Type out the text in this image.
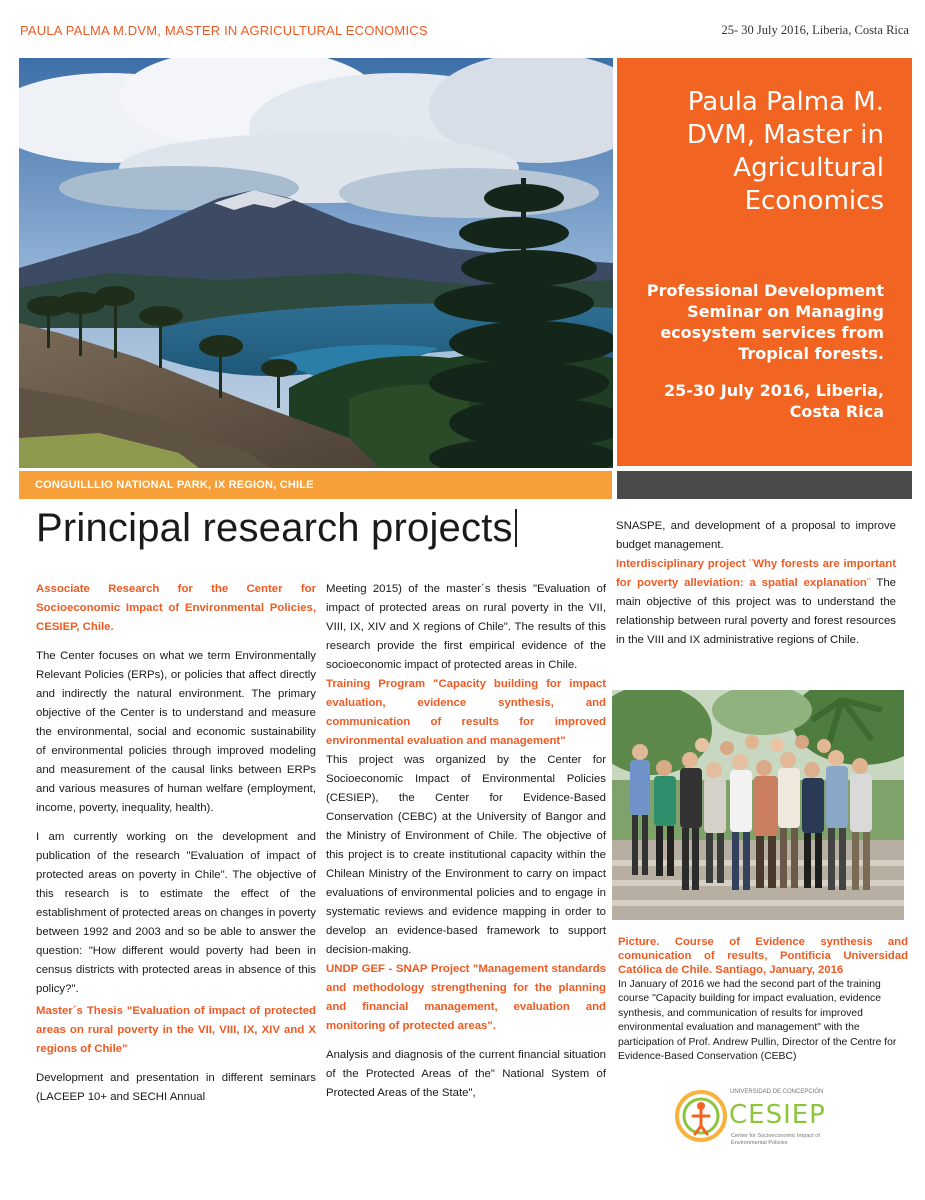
PAULA PALMA M.DVM, MASTER IN AGRICULTURAL ECONOMICS	25- 30 July 2016, Liberia, Costa Rica
Paula Palma M.
DVM, Master in Agricultural Economics
Professional Development Seminar on Managing ecosystem services from Tropical forests.
25-30 July 2016, Liberia, Costa Rica
CONGUILLLIO NATIONAL PARK, IX REGION, CHILE
Principal research projects

Associate Research for the Center for Socioeconomic Impact of Environmental Policies, CESIEP, Chile.

The Center focuses on what we term Environmentally Relevant Policies (ERPs), or policies that affect directly and indirectly the natural environment. The primary objective of the Center is to understand and measure the environmental, social and economic sustainability of environmental policies through improved modeling and measurement of the causal links between ERPs and various measures of human welfare (employment, income, poverty, inequality, health).

I am currently working on the development and publication of the research "Evaluation of impact of protected areas on poverty in Chile". The objective of this research is to estimate the effect of the establishment of protected areas on changes in poverty between 1992 and 2003 and so be able to answer the question: "How different would poverty had been in census districts with protected areas in absence of this policy?".

Master´s Thesis "Evaluation of impact of protected areas on rural poverty in the VII, VIII, IX, XIV and X regions of Chile"

Development and presentation in different seminars (LACEEP 10+ and SECHI Annual

Meeting 2015) of the master´s thesis "Evaluation of impact of protected areas on rural poverty in the VII, VIII, IX, XIV and X regions of Chile". The results of this research provide the first empirical evidence of the socioeconomic impact of protected areas in Chile.

Training Program "Capacity building for impact evaluation, evidence synthesis, and communication of results for improved environmental evaluation and management"

This project was organized by the Center for Socioeconomic Impact of Environmental Policies (CESIEP), the Center for Evidence-Based Conservation (CEBC) at the University of Bangor and the Ministry of Environment of Chile. The objective of this project is to create institutional capacity within the Chilean Ministry of the Environment to carry on impact evaluations of environmental policies and to engage in systematic reviews and evidence mapping in order to develop an evidence-based framework to support decision-making.

UNDP GEF - SNAP Project "Management standards and methodology strengthening for the planning and financial management, evaluation and monitoring of protected areas".

Analysis and diagnosis of the current financial situation of the Protected Areas of the" National System of Protected Areas of the State",

SNASPE, and development of a proposal to improve budget management.

Interdisciplinary project ¨Why forests are important for poverty alleviation: a spatial explanation¨ The main objective of this project was to understand the relationship between rural poverty and forest resources in the VIII and IX administrative regions of Chile.

Picture. Course of Evidence synthesis and comunication of results, Pontificia Universidad Católica de Chile. Santiago, January, 2016
In January of 2016 we had the second part of the training course "Capacity building for impact evaluation, evidence synthesis, and communication of results for improved environmental evaluation and management" with the participation of Prof. Andrew Pullin, Director of the Centre for Evidence-Based Conservation (CEBC)
UNIVERSIDAD DE CONCEPCIÓN
CESIEP
Center for Socioeconomic Impact of Environmental Policies
